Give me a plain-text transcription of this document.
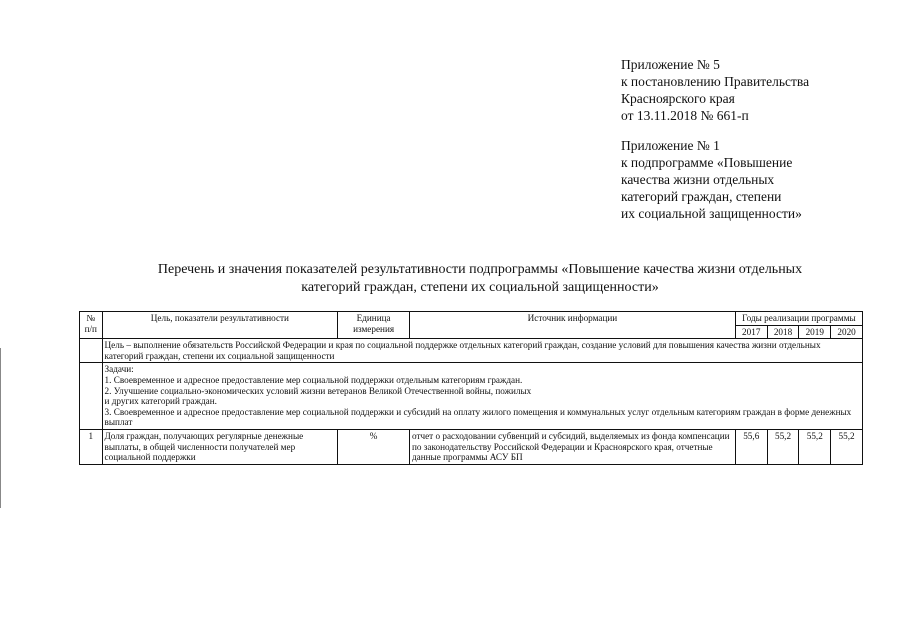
Приложение № 5
к постановлению Правительства
Красноярского края
от 13.11.2018 № 661-п
Приложение № 1
к подпрограмме «Повышение
качества жизни отдельных
категорий граждан, степени
их социальной защищенности»
Перечень и значения показателей результативности подпрограммы «Повышение качества жизни отдельных
категорий граждан, степени их социальной защищенности»
№ п/п	Цель, показатели результативности	Единица измерения	Источник информации	Годы реализации программы			
				2017	2018	2019	2020
	Цель – выполнение обязательств Российской Федерации и края по социальной поддержке отдельных категорий граждан, создание условий для повышения качества жизни отдельных категорий граждан, степени их социальной защищенности						

	Задачи:
1. Своевременное и адресное предоставление мер социальной поддержки отдельным категориям граждан.
2. Улучшение социально-экономических условий жизни ветеранов Великой Отечественной войны, пожилых
и других категорий граждан.
3. Своевременное и адресное предоставление мер социальной поддержки и субсидий на оплату жилого помещения и коммунальных услуг отдельным категориям граждан в форме денежных выплат						

1	Доля граждан, получающих регулярные денежные выплаты, в общей численности получателей мер социальной поддержки	%	отчет о расходовании субвенций и субсидий, выделяемых из фонда компенсации по законодательству Российской Федерации и Красноярского края, отчетные данные программы АСУ БП	55,6	55,2	55,2	55,2
